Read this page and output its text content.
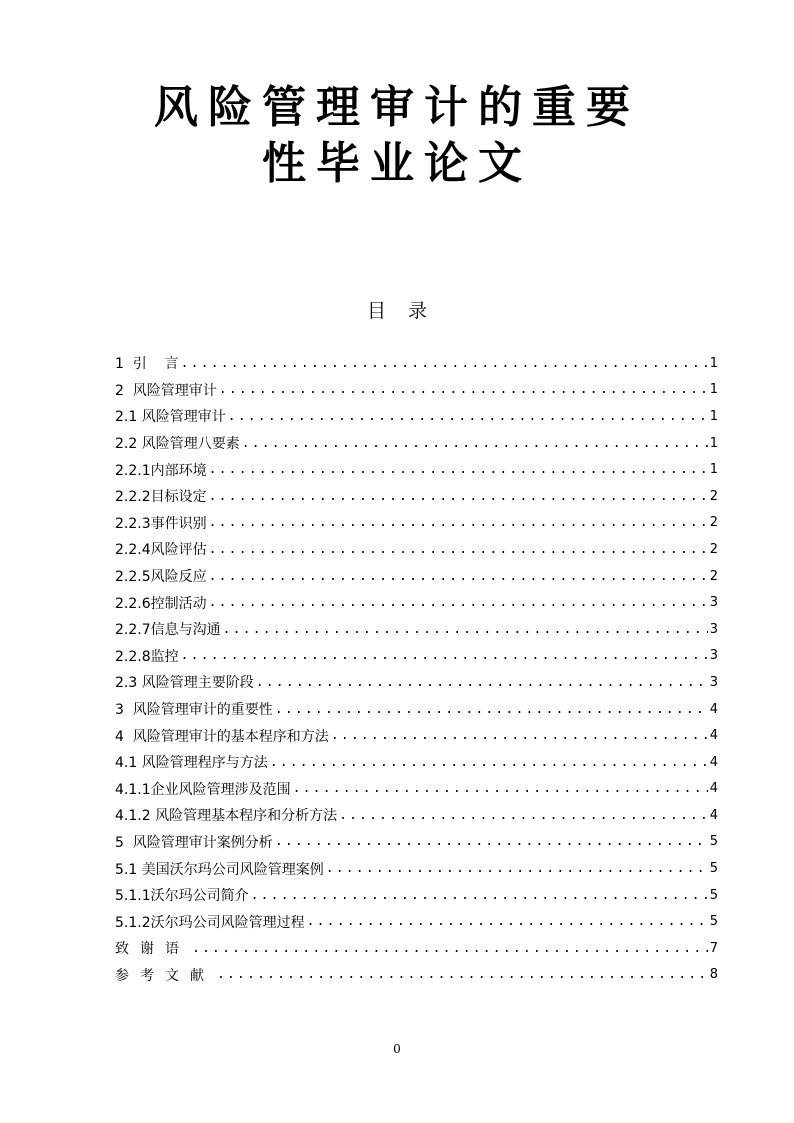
风险管理审计的重要
性毕业论文
目录
1  引    言 .....	1
2  风险管理审计 .....	1
2.1 风险管理审计 .....	1
2.2 风险管理八要素 .....	1
2.2.1内部环境 .....	1
2.2.2目标设定 .....	2
2.2.3事件识别 .....	2
2.2.4风险评估 .....	2
2.2.5风险反应 .....	2
2.2.6控制活动 .....	3
2.2.7信息与沟通 .....	3
2.2.8监控 .....	3
2.3 风险管理主要阶段 .....	3
3  风险管理审计的重要性 .....	4
4  风险管理审计的基本程序和方法 .....	4
4.1 风险管理程序与方法 .....	4
4.1.1企业风险管理涉及范围 .....	4
4.1.2 风险管理基本程序和分析方法 .....	4
5  风险管理审计案例分析 .....	5
5.1 美国沃尔玛公司风险管理案例 .....	5
5.1.1沃尔玛公司简介 .....	5
5.1.2沃尔玛公司风险管理过程 .....	5
致谢语 .....	7
参考文献 .....	8
0
